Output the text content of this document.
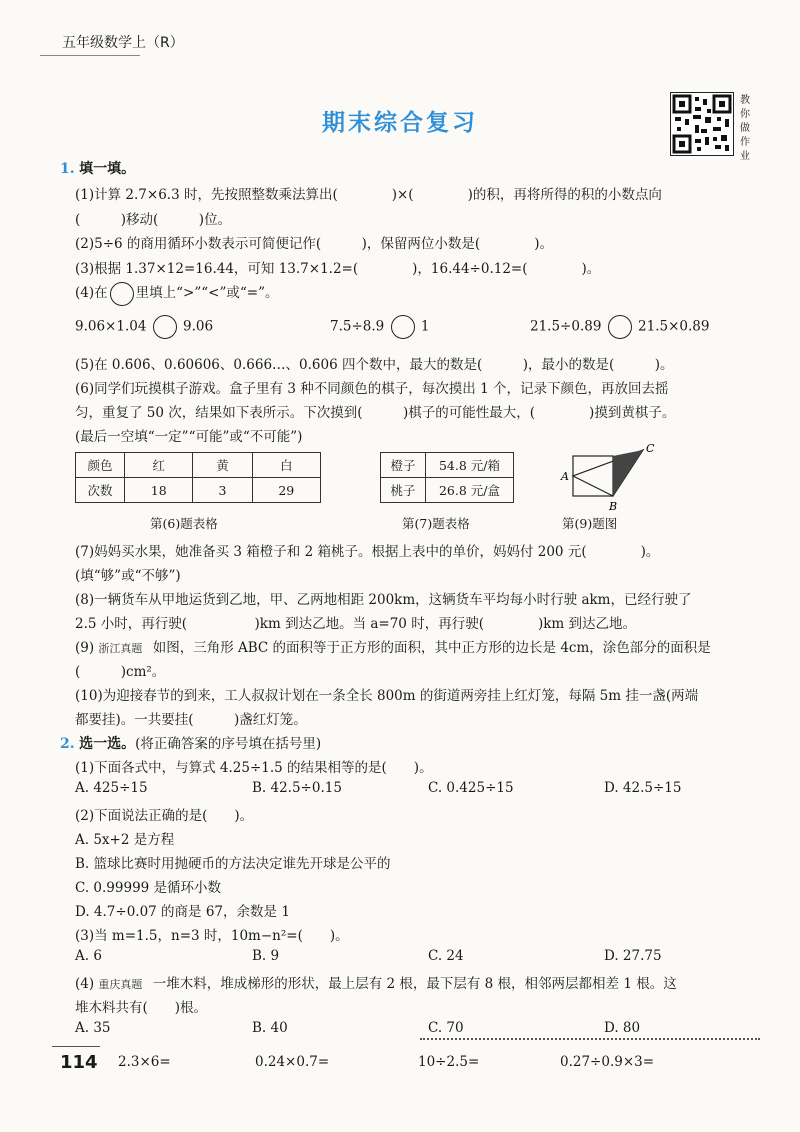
五年级数学上（R）
期末综合复习
教你做作业
1. 填一填。
(1)计算 2.7×6.3 时，先按照整数乘法算出(　　　　)×(　　　　)的积，再将所得的积的小数点向
(　　　)移动(　　　)位。
(2)5÷6 的商用循环小数表示可简便记作(　　　)，保留两位小数是(　　　　)。
(3)根据 1.37×12=16.44，可知 13.7×1.2=(　　　　)，16.44÷0.12=(　　　　)。
(4)在 里填上“>”“<”或“=”。
9.06×1.04	9.06	7.5÷8.9	1	21.5÷0.89	21.5×0.89
(5)在 0.6̇06̇、0.60606、0.666…、0.6̇06 四个数中，最大的数是(　　　)，最小的数是(　　　)。
(6)同学们玩摸棋子游戏。盒子里有 3 种不同颜色的棋子，每次摸出 1 个，记录下颜色，再放回去摇
匀，重复了 50 次，结果如下表所示。下次摸到(　　　)棋子的可能性最大，(　　　　)摸到黄棋子。
(最后一空填“一定”“可能”或“不可能”)
颜色	红	黄	白
次数	18	3	29
第(6)题表格
橙子	54.8 元/箱
桃子	26.8 元/盒
第(7)题表格
A
B
C
第(9)题图
(7)妈妈买水果，她准备买 3 箱橙子和 2 箱桃子。根据上表中的单价，妈妈付 200 元(　　　　)。
(填“够”或“不够”)
(8)一辆货车从甲地运货到乙地，甲、乙两地相距 200km，这辆货车平均每小时行驶 akm，已经行驶了
2.5 小时，再行驶(　　　　　)km 到达乙地。当 a=70 时，再行驶(　　　　)km 到达乙地。
(9) 浙江真题 如图，三角形 ABC 的面积等于正方形的面积，其中正方形的边长是 4cm，涂色部分的面积是
(　　　)cm²。
(10)为迎接春节的到来，工人叔叔计划在一条全长 800m 的街道两旁挂上红灯笼，每隔 5m 挂一盏(两端
都要挂)。一共要挂(　　　)盏红灯笼。
2. 选一选。(将正确答案的序号填在括号里)
(1)下面各式中，与算式 4.25÷1.5 的结果相等的是(　　)。
A. 425÷15	B. 42.5÷0.15	C. 0.425÷15	D. 42.5÷15
(2)下面说法正确的是(　　)。
A. 5x+2 是方程
B. 篮球比赛时用抛硬币的方法决定谁先开球是公平的
C. 0.99999 是循环小数
D. 4.7÷0.07 的商是 67，余数是 1
(3)当 m=1.5，n=3 时，10m−n²=(　　)。
A. 6	B. 9	C. 24	D. 27.75
(4) 重庆真题 一堆木料，堆成梯形的形状，最上层有 2 根，最下层有 8 根，相邻两层都相差 1 根。这
堆木料共有(　　)根。
A. 35	B. 40	C. 70	D. 80
114 2.3×6=	0.24×0.7=	10÷2.5=	0.27÷0.9×3=
